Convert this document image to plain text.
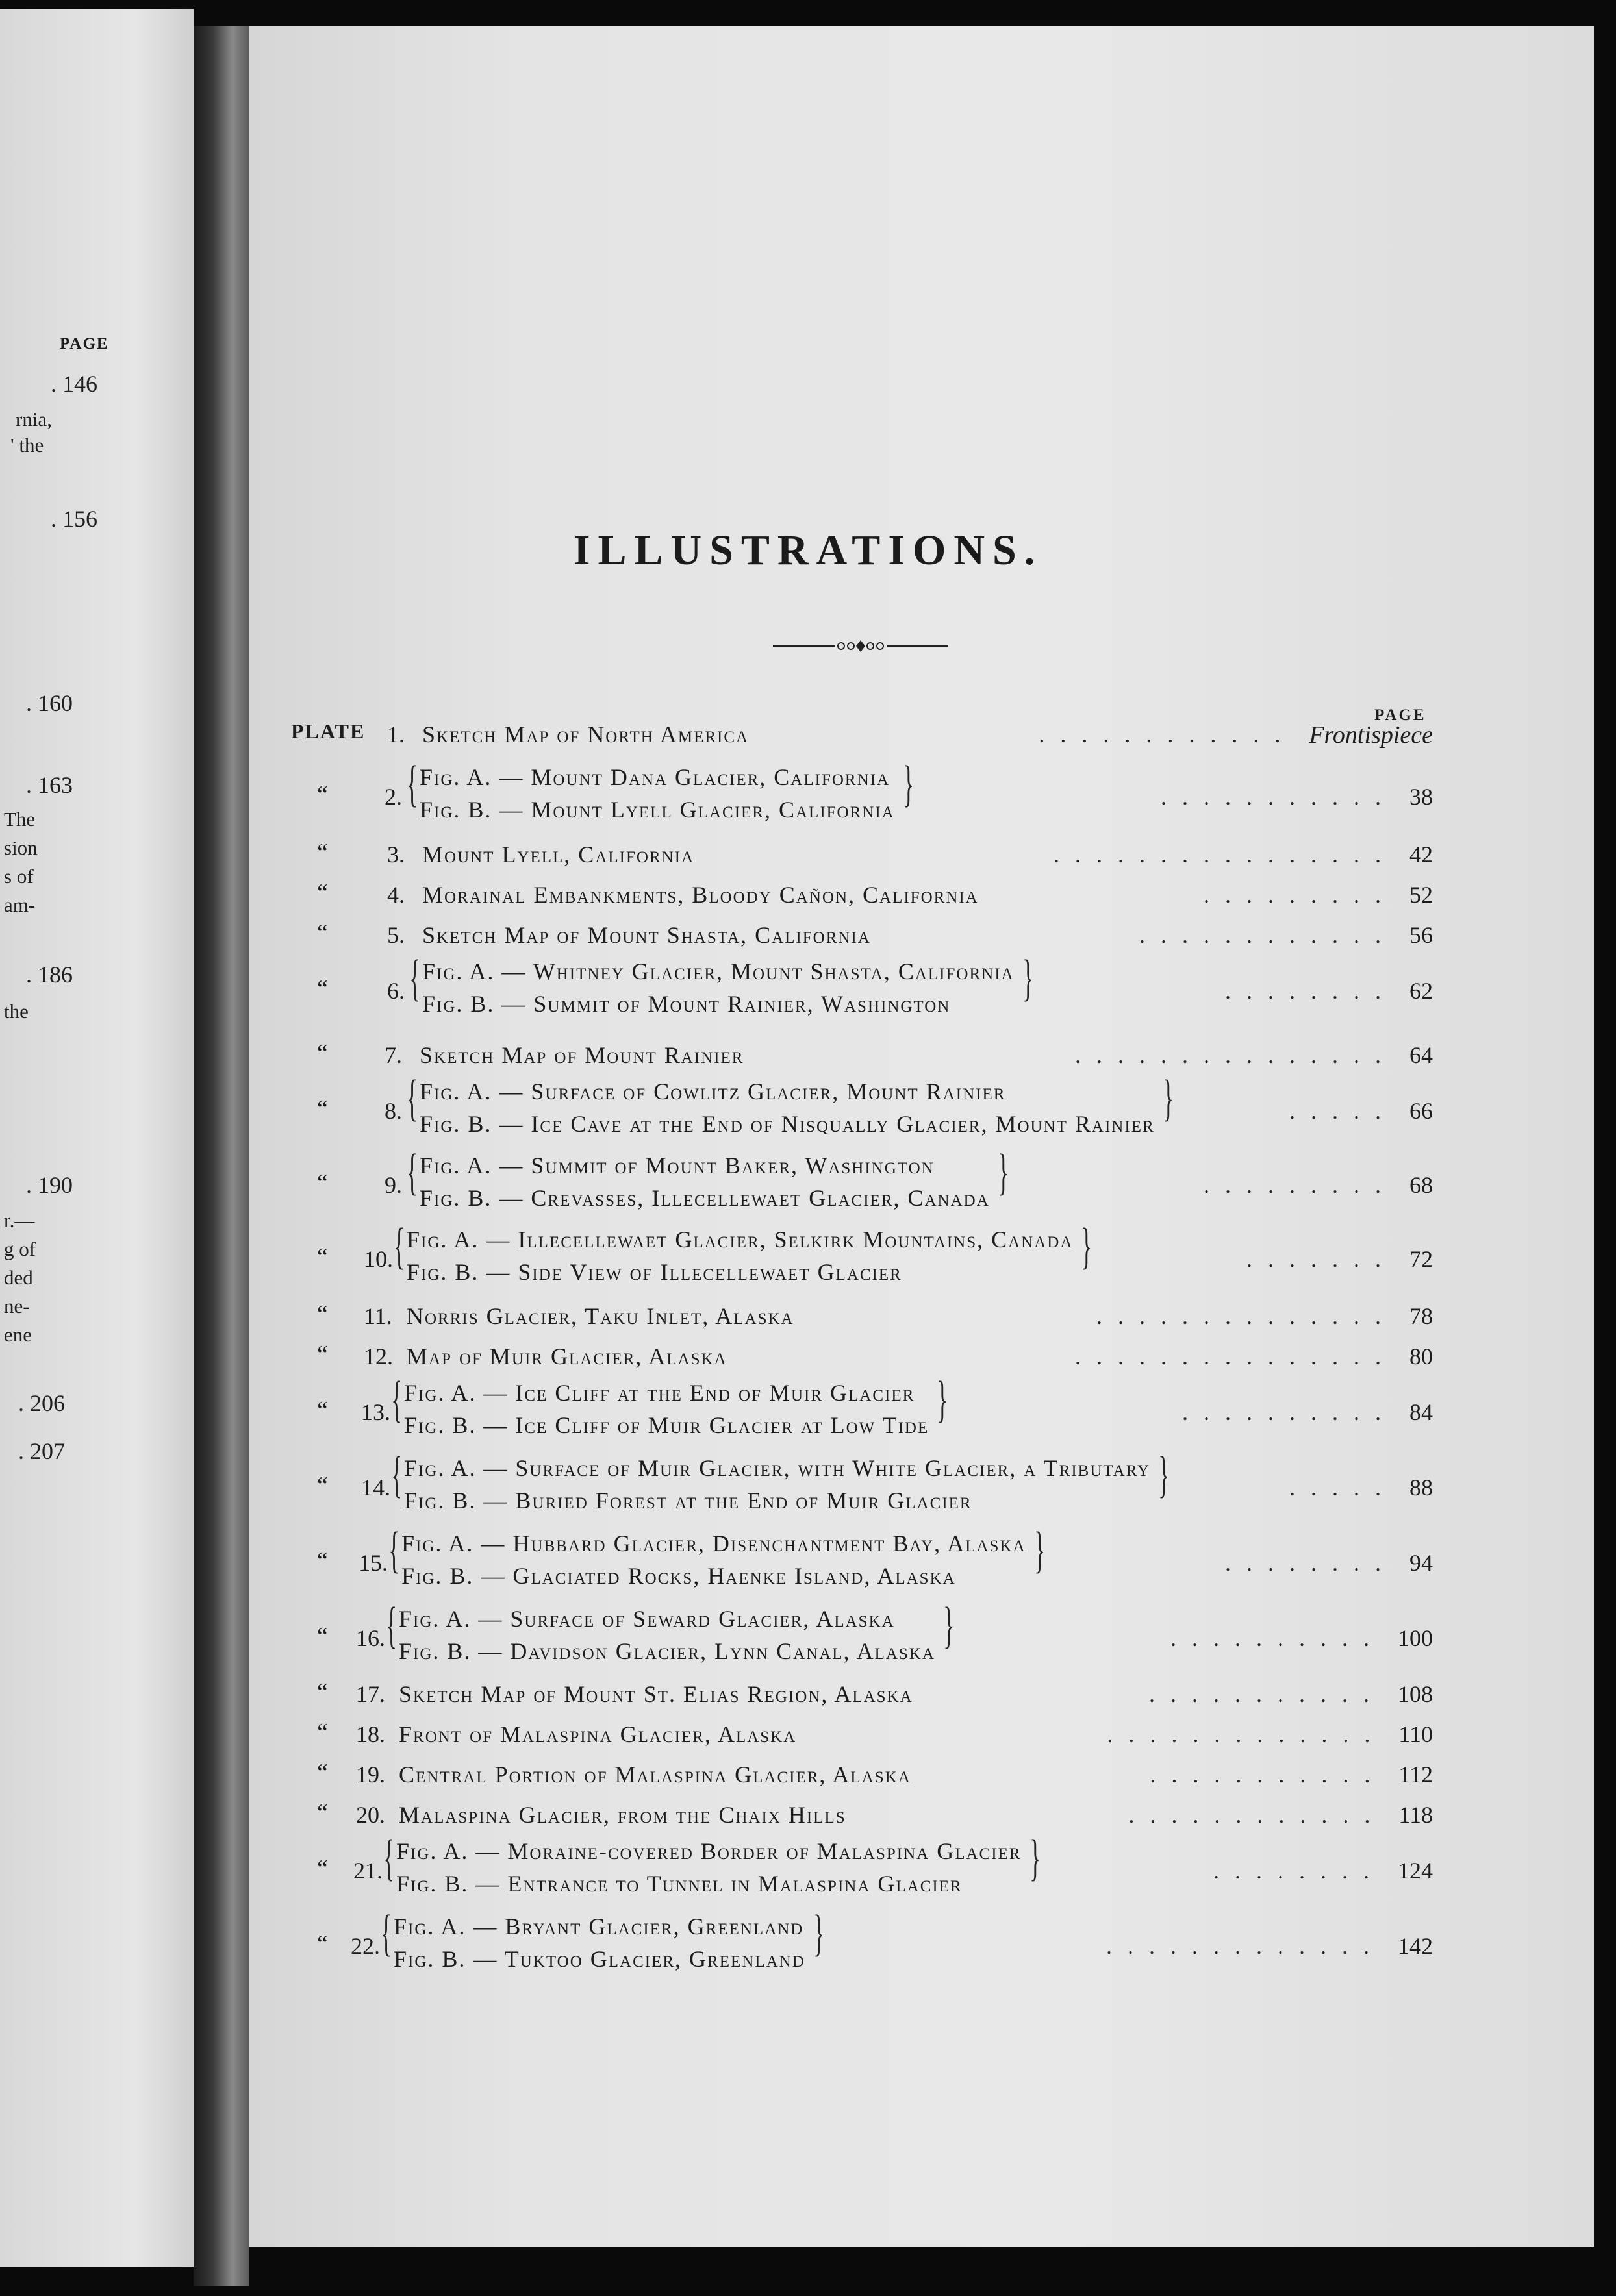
PAGE
. 146
rnia,
' the
. 156
. 160
. 163
The
sion
s of
am-
. 186
the
. 190
r.—
g of
ded
ne-
ene
. 206
. 207
ILLUSTRATIONS.
PAGE
PLATE 1. Sketch Map of North America	Frontispiece
............
“ 2. { Fig. A. — Mount Dana Glacier, California
Fig. B. — Mount Lyell Glacier, California }	38
...........
“	3. Mount Lyell, California	42
................
“	4. Morainal Embankments, Bloody Cañon, California	52
.........
“	5. Sketch Map of Mount Shasta, California	56
............
“	6. { Fig. A. — Whitney Glacier, Mount Shasta, California
Fig. B. — Summit of Mount Rainier, Washington }	62
........
“ 7. Sketch Map of Mount Rainier	64
...............
“ 8. { Fig. A. — Surface of Cowlitz Glacier, Mount Rainier
Fig. B. — Ice Cave at the End of Nisqually Glacier, Mount Rainier }	66
.....
“ 9. { Fig. A. — Summit of Mount Baker, Washington
Fig. B. — Crevasses, Illecellewaet Glacier, Canada }	68
.........
“ 10. { Fig. A. — Illecellewaet Glacier, Selkirk Mountains, Canada
Fig. B. — Side View of Illecellewaet Glacier	}	72
.......
“ 11. Norris Glacier, Taku Inlet, Alaska	78
..............
“ 12. Map of Muir Glacier, Alaska	80
...............
“ 13. { Fig. A. — Ice Cliff at the End of Muir Glacier
Fig. B. — Ice Cliff of Muir Glacier at Low Tide }	84
..........
“ 14. { Fig. A. — Surface of Muir Glacier, with White Glacier, a Tributary
Fig. B. — Buried Forest at the End of Muir Glacier	}	88
.....
“ 15. { Fig. A. — Hubbard Glacier, Disenchantment Bay, Alaska
Fig. B. — Glaciated Rocks, Haenke Island, Alaska }	94
........
“ 16. { Fig. A. — Surface of Seward Glacier, Alaska
Fig. B. — Davidson Glacier, Lynn Canal, Alaska }	100
..........
“ 17. Sketch Map of Mount St. Elias Region, Alaska	108
...........
“ 18. Front of Malaspina Glacier, Alaska	110
.............
“ 19. Central Portion of Malaspina Glacier, Alaska	112
...........
“ 20. Malaspina Glacier, from the Chaix Hills	118
............
“ 21. { Fig. A. — Moraine-covered Border of Malaspina Glacier
Fig. B. — Entrance to Tunnel in Malaspina Glacier }	124
........
“ 22. { Fig. A. — Bryant Glacier, Greenland
Fig. B. — Tuktoo Glacier, Greenland }	142
.............
